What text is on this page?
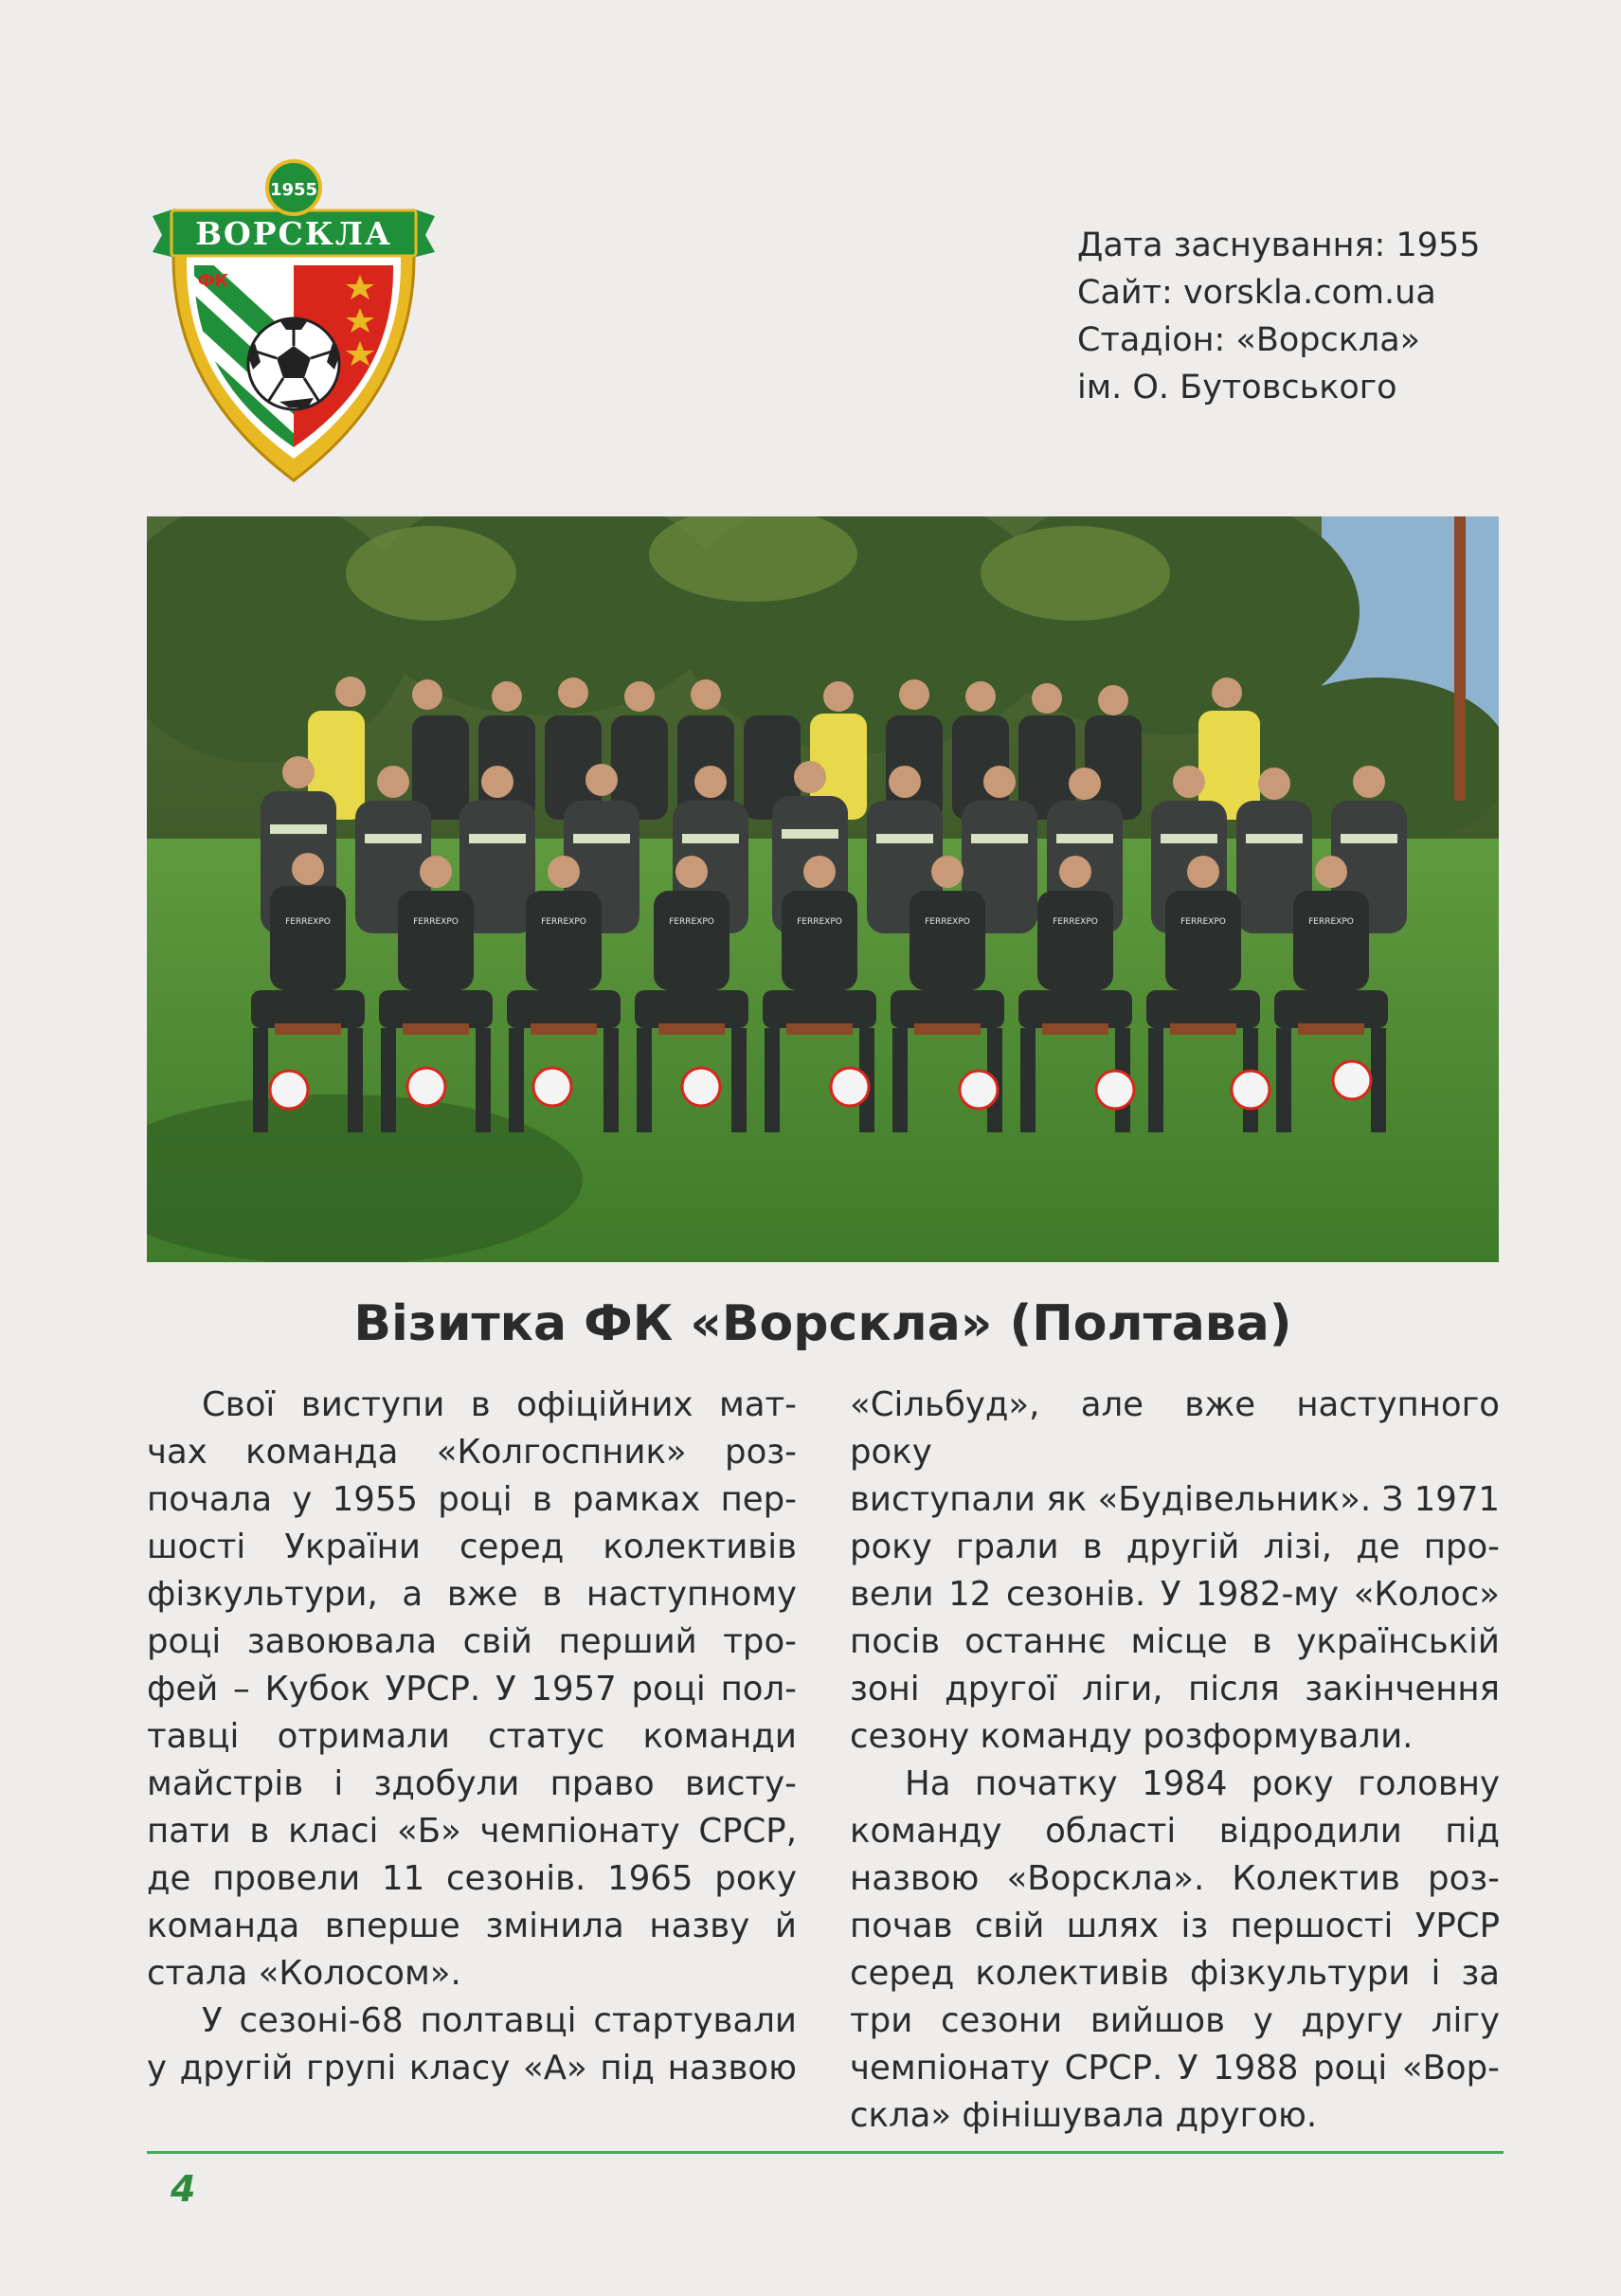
1955
ВОРСКЛА
ФК
Дата заснування: 1955
Сайт: vorskla.com.ua
Стадіон: «Ворскла»
ім. О. Бутовського
FERREXPO	FERREXPO	FERREXPO	FERREXPO	FERREXPO	FERREXPO	FERREXPO	FERREXPO	FERREXPO
Візитка ФК «Ворскла» (Полтава)

Свої виступи в офіційних мат-

чах команда «Колгоспник» роз-

почала у 1955 році в рамках пер-

шості України серед колективів

фізкультури, а вже в наступному

році завоювала свій перший тро-

фей – Кубок УРСР. У 1957 році пол-

тавці отримали статус команди

майстрів і здобули право висту-

пати в класі «Б» чемпіонату СРСР,

де провели 11 сезонів. 1965 року

команда вперше змінила назву й

стала «Колосом».

У сезоні-68 полтавці стартували

у другій групі класу «А» під назвою

«Сільбуд», але вже наступного року

виступали як «Будівельник». З 1971

року грали в другій лізі, де про-

вели 12 сезонів. У 1982-му «Колос»

посів останнє місце в українській

зоні другої ліги, після закінчення

сезону команду розформували.

На початку 1984 року головну

команду області відродили під

назвою «Ворскла». Колектив роз-

почав свій шлях із першості УРСР

серед колективів фізкультури і за

три сезони вийшов у другу лігу

чемпіонату СРСР. У 1988 році «Вор-

скла» фінішувала другою.

4
